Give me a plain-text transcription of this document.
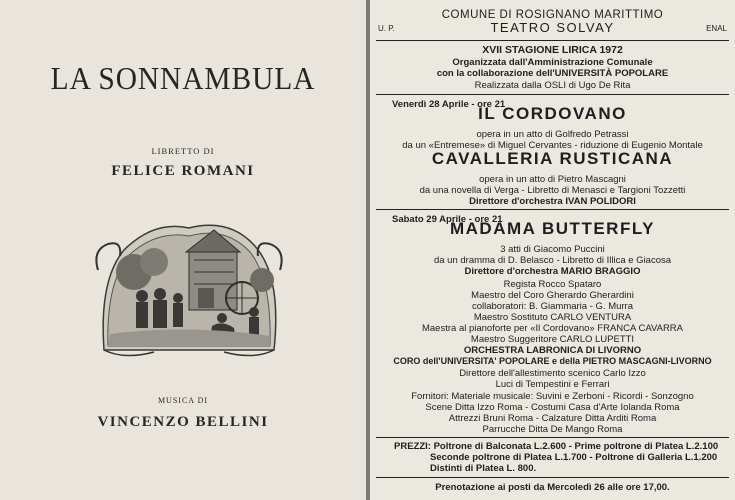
LA SONNAMBULA
LIBRETTO DI
FELICE ROMANI
MUSICA DI
VINCENZO BELLINI
COMUNE DI ROSIGNANO MARITTIMO
U. P.	TEATRO SOLVAY	ENAL
XVII STAGIONE LIRICA 1972
Organizzata dall'Amministrazione Comunale
con la collaborazione dell'UNIVERSITÀ POPOLARE
Realizzata dalla OSLI di Ugo De Rita
Venerdì 28 Aprile - ore 21
IL CORDOVANO
opera in un atto di Golfredo Petrassi
da un «Entremese» di Miguel Cervantes - riduzione di Eugenio Montale
CAVALLERIA RUSTICANA
opera in un atto di Pietro Mascagni
da una novella di Verga - Libretto di Menasci e Targioni Tozzetti
Direttore d'orchestra IVAN POLIDORI
Sabato 29 Aprile - ore 21
MADAMA BUTTERFLY
3 atti di Giacomo Puccini
da un dramma di D. Belasco - Libretto di Illica e Giacosa
Direttore d'orchestra MARIO BRAGGIO
Regista Rocco Spataro
Maestro del Coro Gherardo Gherardini
collaboratori: B. Giammaria - G. Murra
Maestro Sostituto CARLO VENTURA
Maestra al pianoforte per «Il Cordovano» FRANCA CAVARRA
Maestro Suggeritore CARLO LUPETTI
ORCHESTRA LABRONICA DI LIVORNO
CORO dell'UNIVERSITA' POPOLARE e della PIETRO MASCAGNI-LIVORNO
Direttore dell'allestimento scenico Carlo Izzo
Luci di Tempestini e Ferrari
Fornitori: Materiale musicale: Suvini e Zerboni - Ricordi - Sonzogno
Scene Ditta Izzo Roma - Costumi Casa d'Arte Iolanda Roma
Attrezzi Bruni Roma - Calzature Ditta Arditi Roma
Parrucche Ditta De Mango Roma
PREZZI: Poltrone di Balconata L.2.600 - Prime poltrone di Platea L.2.100
Seconde poltrone di Platea L.1.700 - Poltrone di Galleria L.1.200
Distinti di Platea L. 800.
Prenotazione ai posti da Mercoledì 26 alle ore 17,00.
